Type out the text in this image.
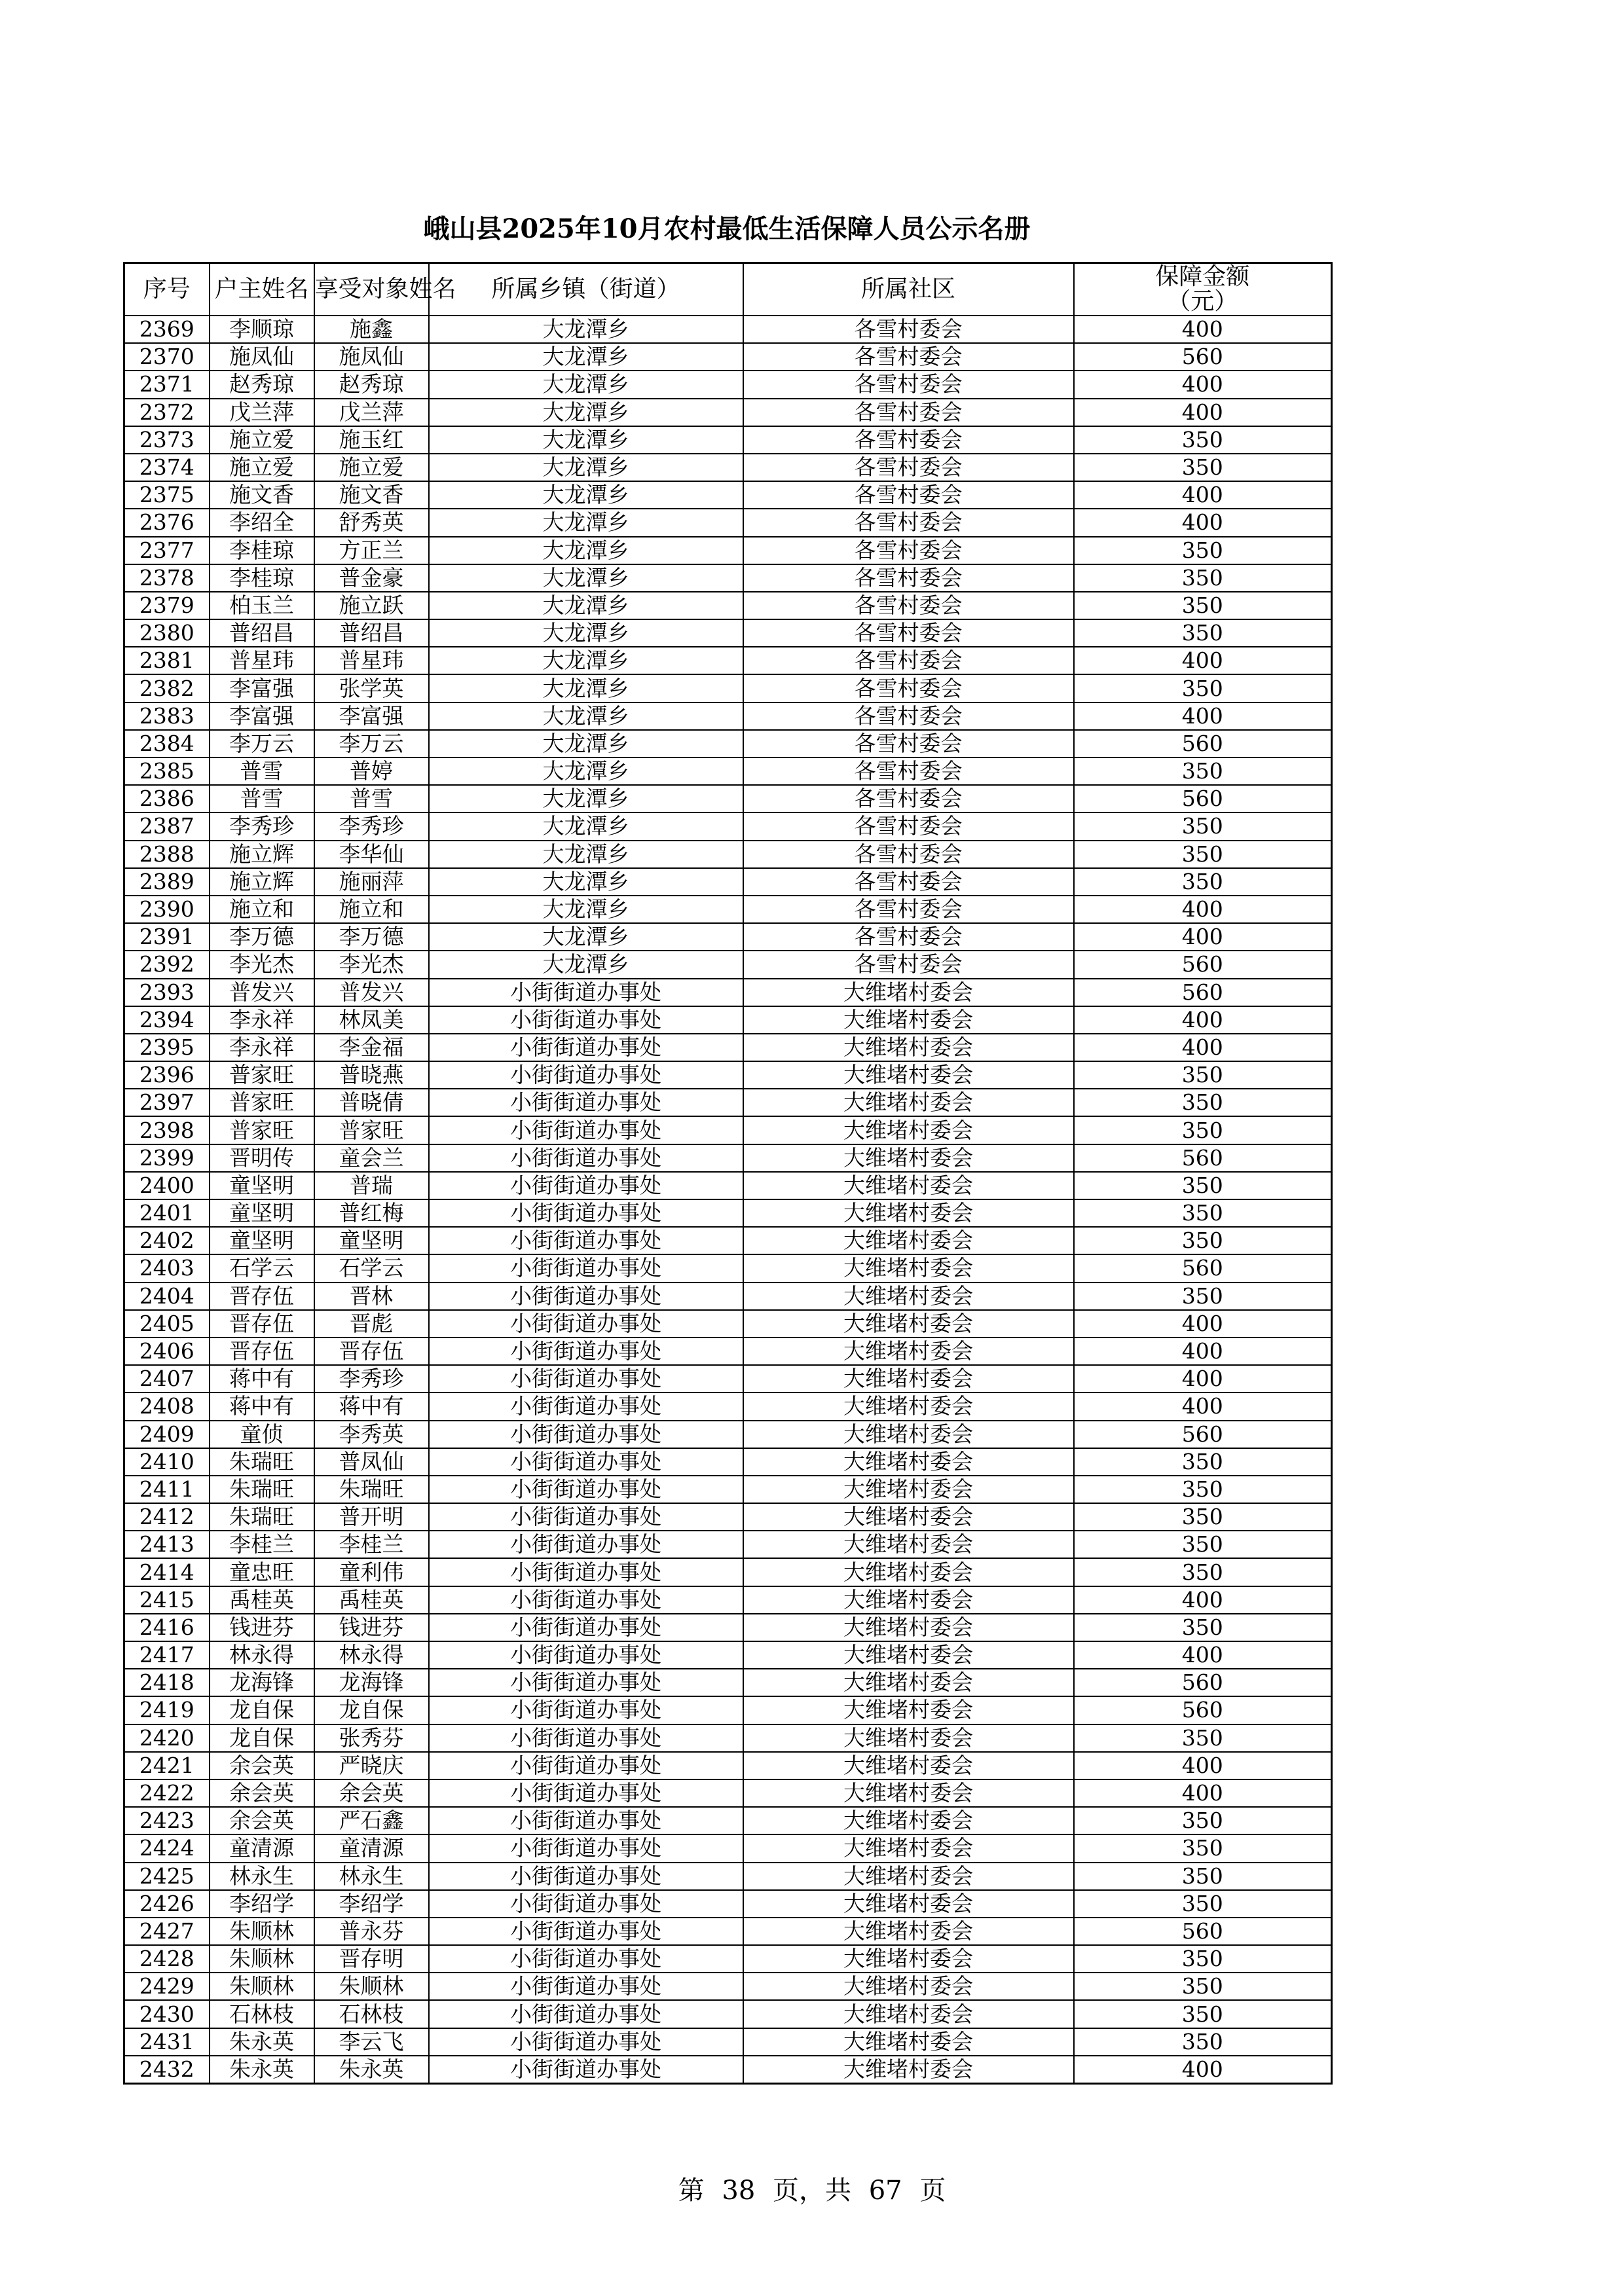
峨山县2025年10月农村最低生活保障人员公示名册
序号	户主姓名	享受对象姓名	所属乡镇（街道）	所属社区	保障金额
（元）

2369	李顺琼	施鑫	大龙潭乡	各雪村委会	400
2370	施凤仙	施凤仙	大龙潭乡	各雪村委会	560
2371	赵秀琼	赵秀琼	大龙潭乡	各雪村委会	400
2372	戊兰萍	戊兰萍	大龙潭乡	各雪村委会	400
2373	施立爱	施玉红	大龙潭乡	各雪村委会	350
2374	施立爱	施立爱	大龙潭乡	各雪村委会	350
2375	施文香	施文香	大龙潭乡	各雪村委会	400
2376	李绍全	舒秀英	大龙潭乡	各雪村委会	400
2377	李桂琼	方正兰	大龙潭乡	各雪村委会	350
2378	李桂琼	普金豪	大龙潭乡	各雪村委会	350
2379	柏玉兰	施立跃	大龙潭乡	各雪村委会	350
2380	普绍昌	普绍昌	大龙潭乡	各雪村委会	350
2381	普星玮	普星玮	大龙潭乡	各雪村委会	400
2382	李富强	张学英	大龙潭乡	各雪村委会	350
2383	李富强	李富强	大龙潭乡	各雪村委会	400
2384	李万云	李万云	大龙潭乡	各雪村委会	560
2385	普雪	普婷	大龙潭乡	各雪村委会	350
2386	普雪	普雪	大龙潭乡	各雪村委会	560
2387	李秀珍	李秀珍	大龙潭乡	各雪村委会	350
2388	施立辉	李华仙	大龙潭乡	各雪村委会	350
2389	施立辉	施丽萍	大龙潭乡	各雪村委会	350
2390	施立和	施立和	大龙潭乡	各雪村委会	400
2391	李万德	李万德	大龙潭乡	各雪村委会	400
2392	李光杰	李光杰	大龙潭乡	各雪村委会	560
2393	普发兴	普发兴	小街街道办事处	大维堵村委会	560
2394	李永祥	林凤美	小街街道办事处	大维堵村委会	400
2395	李永祥	李金福	小街街道办事处	大维堵村委会	400
2396	普家旺	普晓燕	小街街道办事处	大维堵村委会	350
2397	普家旺	普晓倩	小街街道办事处	大维堵村委会	350
2398	普家旺	普家旺	小街街道办事处	大维堵村委会	350
2399	晋明传	童会兰	小街街道办事处	大维堵村委会	560
2400	童坚明	普瑞	小街街道办事处	大维堵村委会	350
2401	童坚明	普红梅	小街街道办事处	大维堵村委会	350
2402	童坚明	童坚明	小街街道办事处	大维堵村委会	350
2403	石学云	石学云	小街街道办事处	大维堵村委会	560
2404	晋存伍	晋林	小街街道办事处	大维堵村委会	350
2405	晋存伍	晋彪	小街街道办事处	大维堵村委会	400
2406	晋存伍	晋存伍	小街街道办事处	大维堵村委会	400
2407	蒋中有	李秀珍	小街街道办事处	大维堵村委会	400
2408	蒋中有	蒋中有	小街街道办事处	大维堵村委会	400
2409	童侦	李秀英	小街街道办事处	大维堵村委会	560
2410	朱瑞旺	普凤仙	小街街道办事处	大维堵村委会	350
2411	朱瑞旺	朱瑞旺	小街街道办事处	大维堵村委会	350
2412	朱瑞旺	普开明	小街街道办事处	大维堵村委会	350
2413	李桂兰	李桂兰	小街街道办事处	大维堵村委会	350
2414	童忠旺	童利伟	小街街道办事处	大维堵村委会	350
2415	禹桂英	禹桂英	小街街道办事处	大维堵村委会	400
2416	钱进芬	钱进芬	小街街道办事处	大维堵村委会	350
2417	林永得	林永得	小街街道办事处	大维堵村委会	400
2418	龙海锋	龙海锋	小街街道办事处	大维堵村委会	560
2419	龙自保	龙自保	小街街道办事处	大维堵村委会	560
2420	龙自保	张秀芬	小街街道办事处	大维堵村委会	350
2421	余会英	严晓庆	小街街道办事处	大维堵村委会	400
2422	余会英	余会英	小街街道办事处	大维堵村委会	400
2423	余会英	严石鑫	小街街道办事处	大维堵村委会	350
2424	童清源	童清源	小街街道办事处	大维堵村委会	350
2425	林永生	林永生	小街街道办事处	大维堵村委会	350
2426	李绍学	李绍学	小街街道办事处	大维堵村委会	350
2427	朱顺林	普永芬	小街街道办事处	大维堵村委会	560
2428	朱顺林	晋存明	小街街道办事处	大维堵村委会	350
2429	朱顺林	朱顺林	小街街道办事处	大维堵村委会	350
2430	石林枝	石林枝	小街街道办事处	大维堵村委会	350
2431	朱永英	李云飞	小街街道办事处	大维堵村委会	350
2432	朱永英	朱永英	小街街道办事处	大维堵村委会	400
第 38 页，共 67 页
